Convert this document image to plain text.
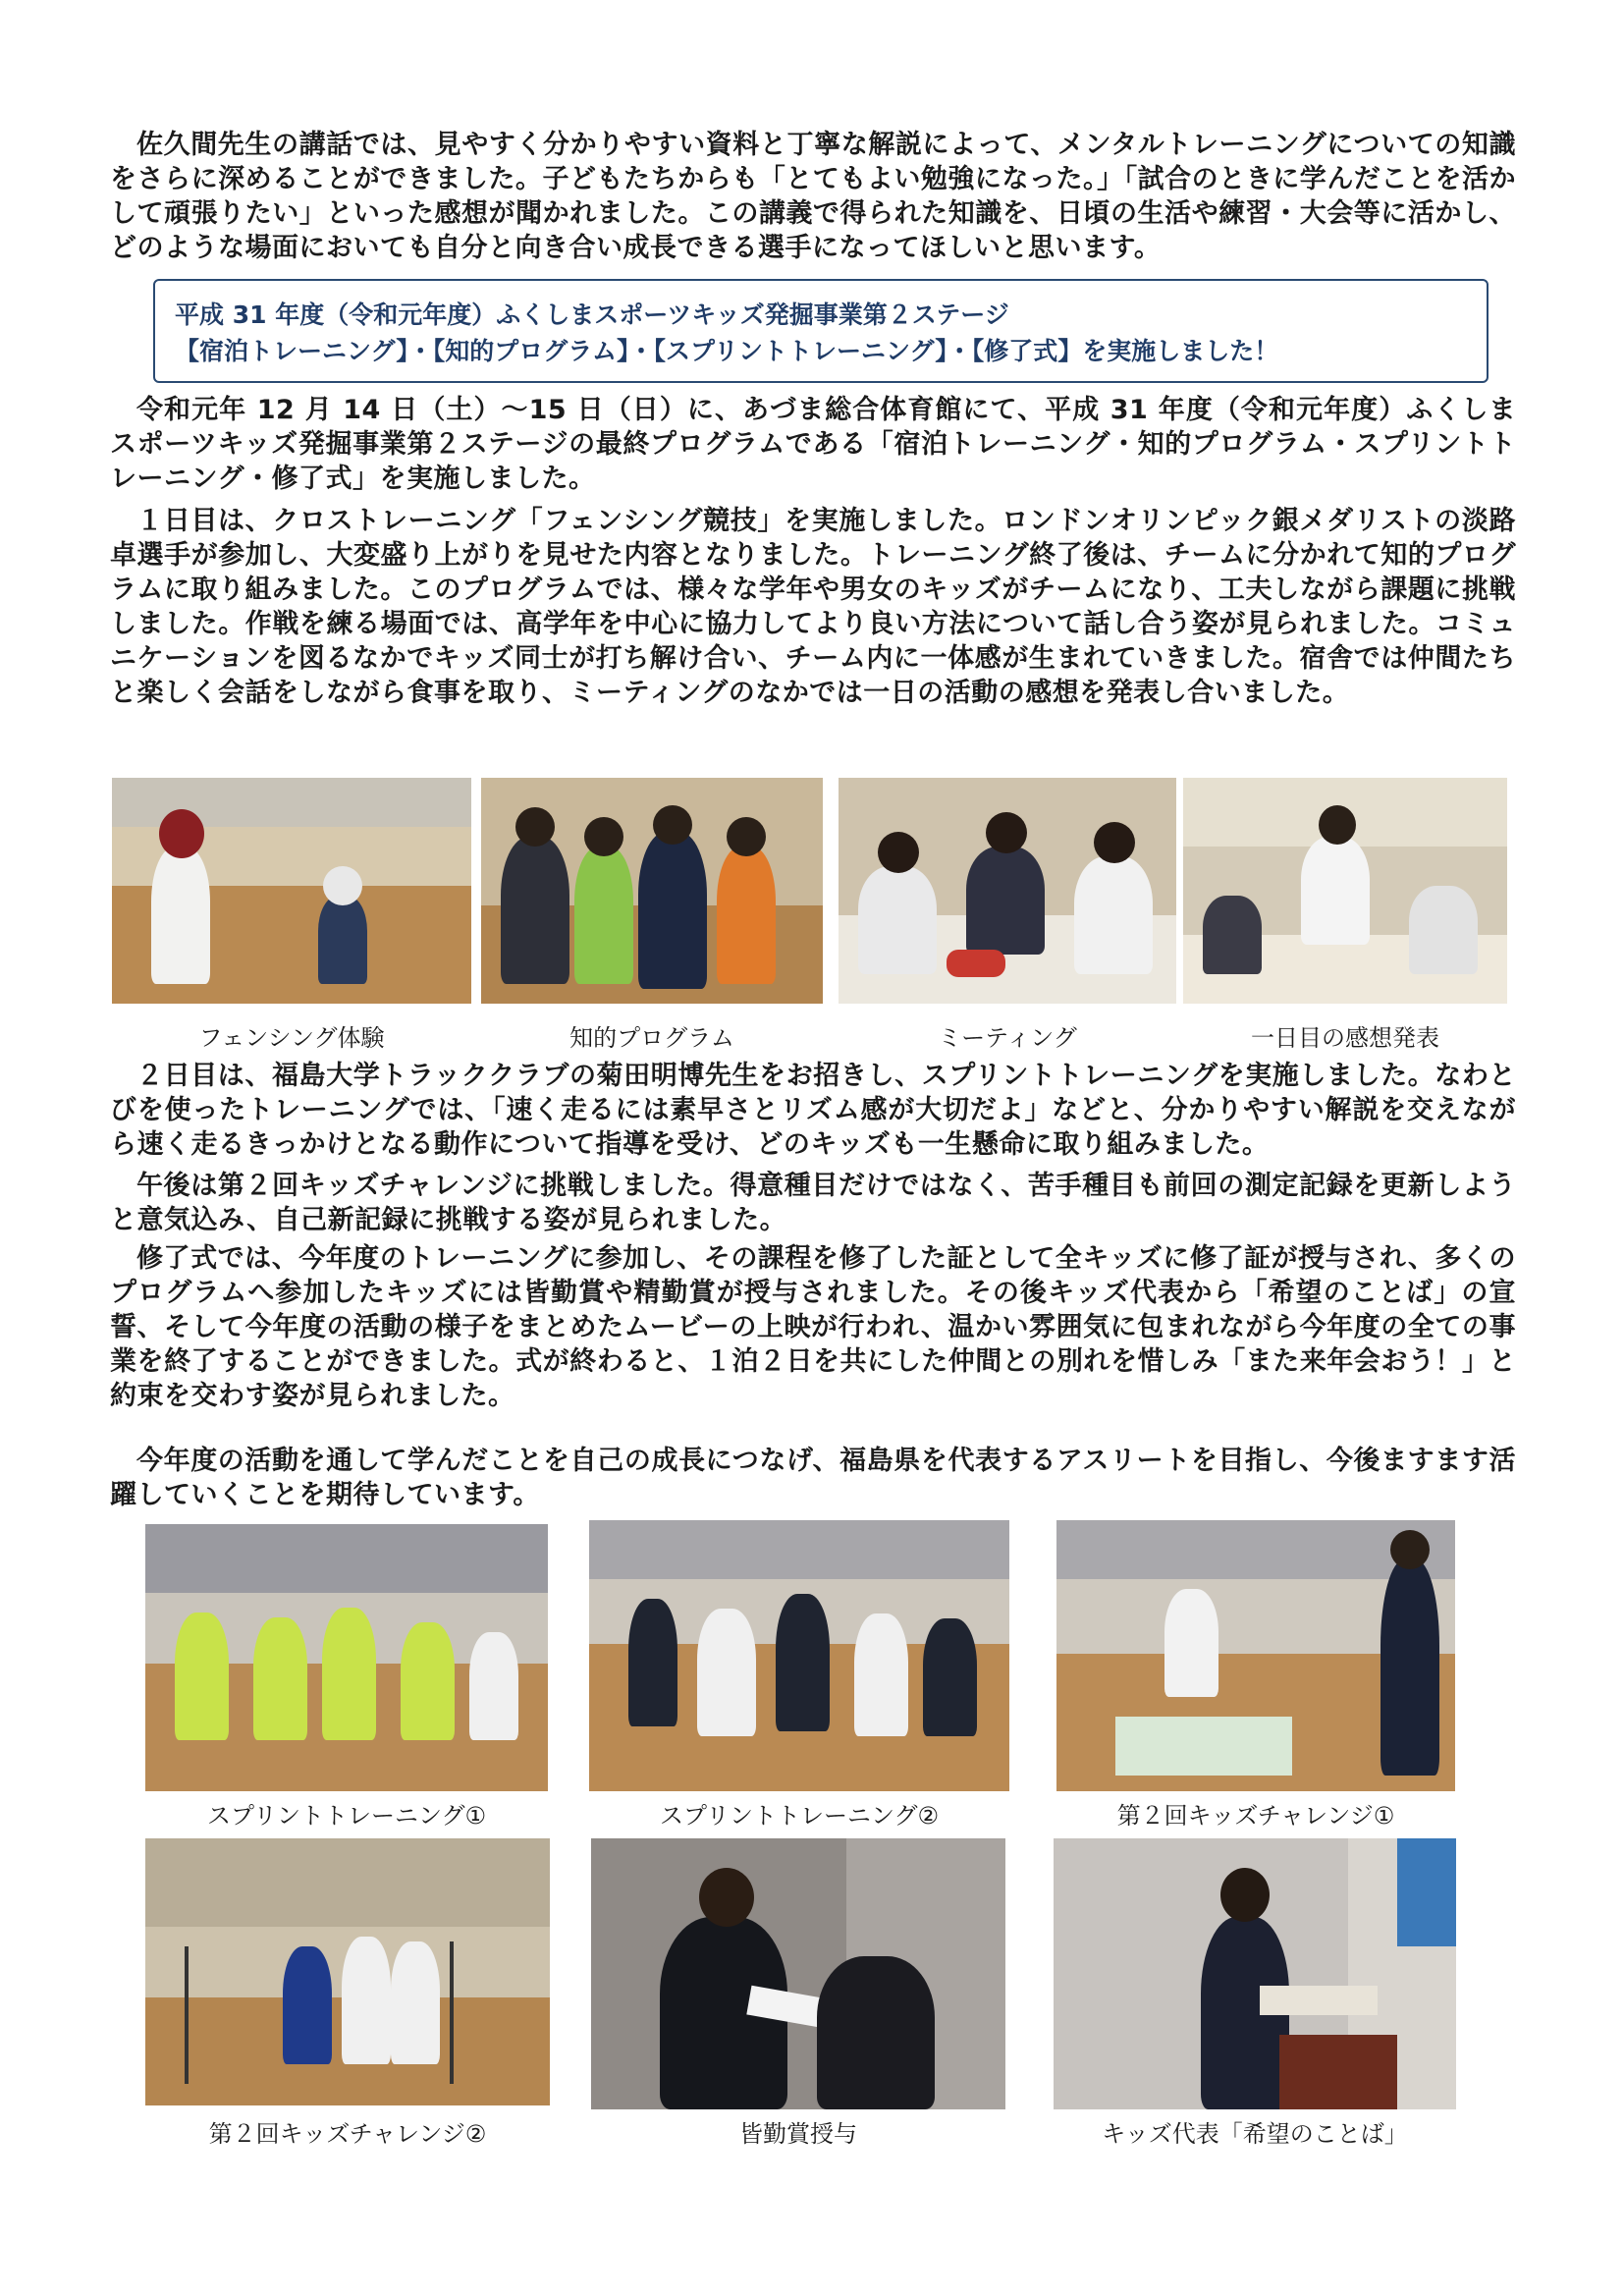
佐久間先生の講話では、見やすく分かりやすい資料と丁寧な解説によって、メンタルトレーニングについての知識をさらに深めることができました。子どもたちからも「とてもよい勉強になった。」「試合のときに学んだことを活かして頑張りたい」といった感想が聞かれました。この講義で得られた知識を、日頃の生活や練習・大会等に活かし、どのような場面においても自分と向き合い成長できる選手になってほしいと思います。

平成 31 年度（令和元年度）ふくしまスポーツキッズ発掘事業第２ステージ
【宿泊トレーニング】・【知的プログラム】・【スプリントトレーニング】・【修了式】を実施しました！

令和元年 12 月 14 日（土）～15 日（日）に、あづま総合体育館にて、平成 31 年度（令和元年度）ふくしまスポーツキッズ発掘事業第２ステージの最終プログラムである「宿泊トレーニング・知的プログラム・スプリントトレーニング・修了式」を実施しました。

１日目は、クロストレーニング「フェンシング競技」を実施しました。ロンドンオリンピック銀メダリストの淡路卓選手が参加し、大変盛り上がりを見せた内容となりました。トレーニング終了後は、チームに分かれて知的プログラムに取り組みました。このプログラムでは、様々な学年や男女のキッズがチームになり、工夫しながら課題に挑戦しました。作戦を練る場面では、高学年を中心に協力してより良い方法について話し合う姿が見られました。コミュニケーションを図るなかでキッズ同士が打ち解け合い、チーム内に一体感が生まれていきました。宿舎では仲間たちと楽しく会話をしながら食事を取り、ミーティングのなかでは一日の活動の感想を発表し合いました。

フェンシング体験	知的プログラム	ミーティング	一日目の感想発表

２日目は、福島大学トラッククラブの菊田明博先生をお招きし、スプリントトレーニングを実施しました。なわとびを使ったトレーニングでは、「速く走るには素早さとリズム感が大切だよ」などと、分かりやすい解説を交えながら速く走るきっかけとなる動作について指導を受け、どのキッズも一生懸命に取り組みました。

午後は第２回キッズチャレンジに挑戦しました。得意種目だけではなく、苦手種目も前回の測定記録を更新しようと意気込み、自己新記録に挑戦する姿が見られました。

修了式では、今年度のトレーニングに参加し、その課程を修了した証として全キッズに修了証が授与され、多くのプログラムへ参加したキッズには皆勤賞や精勤賞が授与されました。その後キッズ代表から「希望のことば」の宣誓、そして今年度の活動の様子をまとめたムービーの上映が行われ、温かい雰囲気に包まれながら今年度の全ての事業を終了することができました。式が終わると、１泊２日を共にした仲間との別れを惜しみ「また来年会おう！」と約束を交わす姿が見られました。

今年度の活動を通して学んだことを自己の成長につなげ、福島県を代表するアスリートを目指し、今後ますます活躍していくことを期待しています。

スプリントトレーニング①	スプリントトレーニング②	第２回キッズチャレンジ①
第２回キッズチャレンジ②	皆勤賞授与	キッズ代表「希望のことば」
